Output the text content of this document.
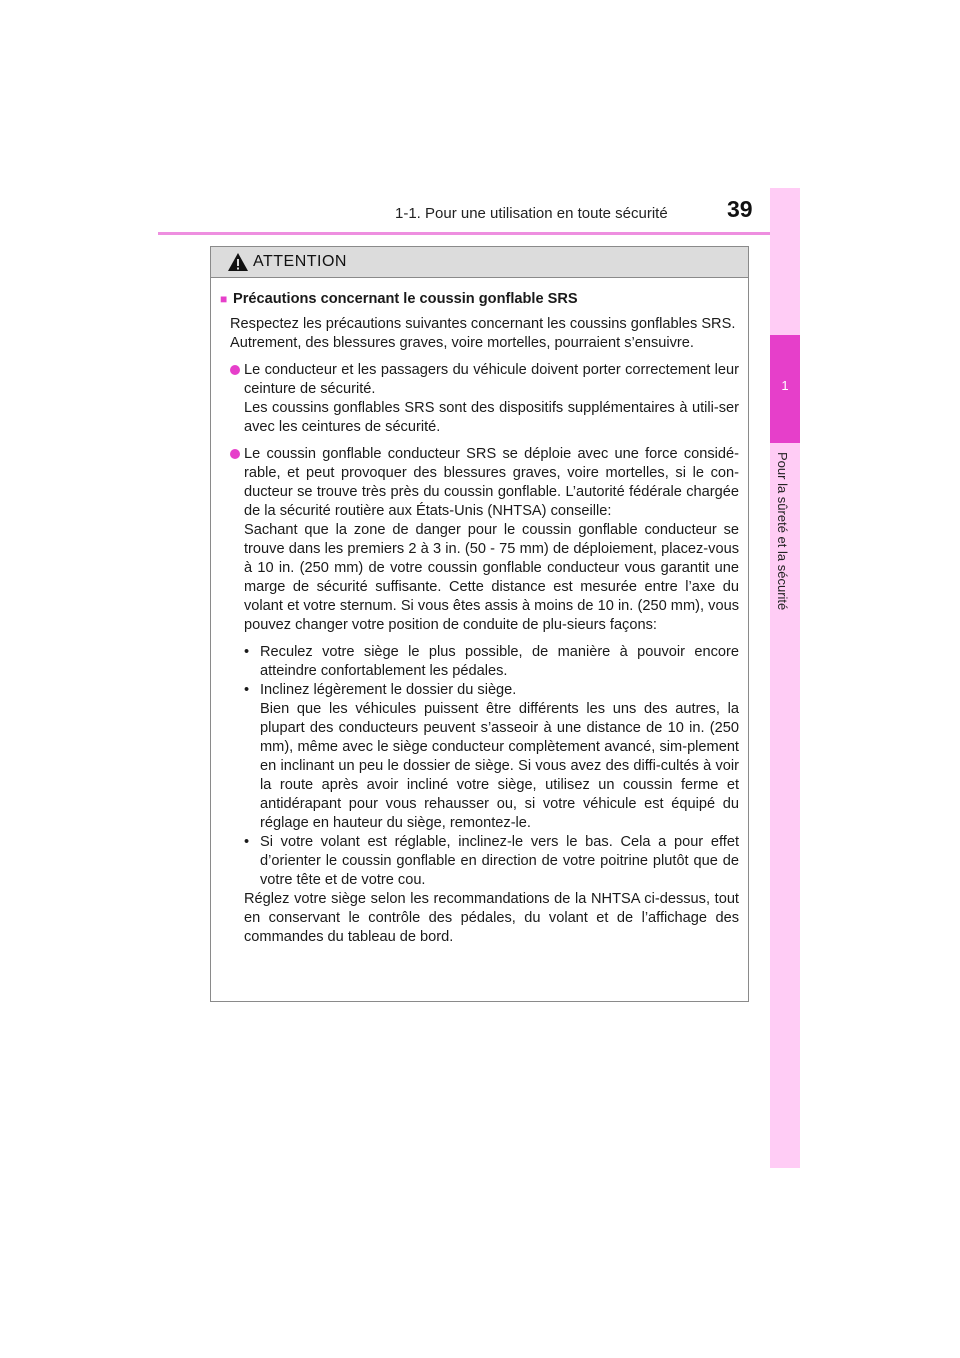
1-1. Pour une utilisation en toute sécurité	39
1
Pour la sûreté et la sécurité
ATTENTION
■ Précautions concernant le coussin gonflable SRS

Respectez les précautions suivantes concernant les coussins gonflables SRS.

Autrement, des blessures graves, voire mortelles, pourraient s’ensuivre.

Le conducteur et les passagers du véhicule doivent porter correctement leur ceinture de sécurité.

Les coussins gonflables SRS sont des dispositifs supplémentaires à utili-ser avec les ceintures de sécurité.

Le coussin gonflable conducteur SRS se déploie avec une force considé-rable, et peut provoquer des blessures graves, voire mortelles, si le con-ducteur se trouve très près du coussin gonflable. L’autorité fédérale chargée de la sécurité routière aux États-Unis (NHTSA) conseille:

Sachant que la zone de danger pour le coussin gonflable conducteur se trouve dans les premiers 2 à 3 in. (50 - 75 mm) de déploiement, placez-vous à 10 in. (250 mm) de votre coussin gonflable conducteur vous garantit une marge de sécurité suffisante. Cette distance est mesurée entre l’axe du volant et votre sternum. Si vous êtes assis à moins de 10 in. (250 mm), vous pouvez changer votre position de conduite de plu-sieurs façons:

• Reculez votre siège le plus possible, de manière à pouvoir encore atteindre confortablement les pédales.

• Inclinez légèrement le dossier du siège.

Bien que les véhicules puissent être différents les uns des autres, la plupart des conducteurs peuvent s’asseoir à une distance de 10 in. (250 mm), même avec le siège conducteur complètement avancé, sim-plement en inclinant un peu le dossier de siège. Si vous avez des diffi-cultés à voir la route après avoir incliné votre siège, utilisez un coussin ferme et antidérapant pour vous rehausser ou, si votre véhicule est équipé du réglage en hauteur du siège, remontez-le.

• Si votre volant est réglable, inclinez-le vers le bas. Cela a pour effet d’orienter le coussin gonflable en direction de votre poitrine plutôt que de votre tête et de votre cou.

Réglez votre siège selon les recommandations de la NHTSA ci-dessus, tout en conservant le contrôle des pédales, du volant et de l’affichage des commandes du tableau de bord.
